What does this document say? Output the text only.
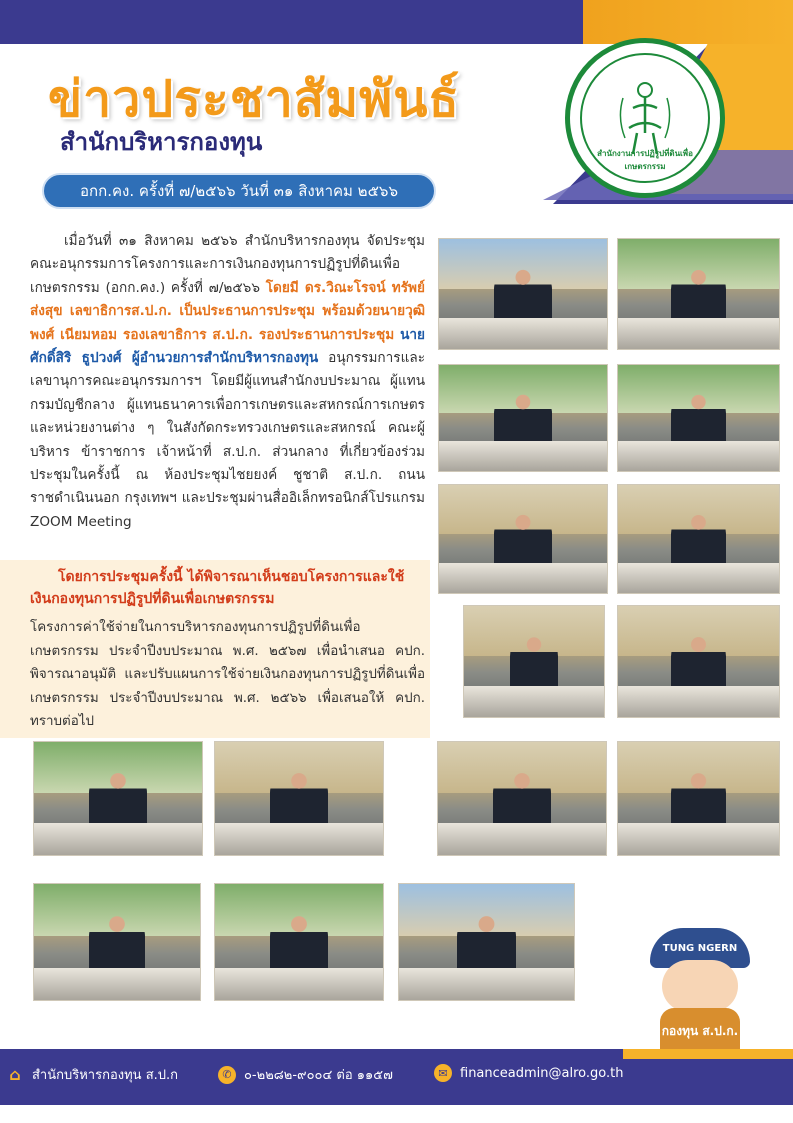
ข่าวประชาสัมพันธ์
สำนักบริหารกองทุน	สำนักงานการปฏิรูปที่ดินเพื่อเกษตรกรรม
อกก.คง. ครั้งที่ ๗/๒๕๖๖ วันที่ ๓๑ สิงหาคม ๒๕๖๖
เมื่อวันที่ ๓๑ สิงหาคม ๒๕๖๖ สำนักบริหารกองทุน จัดประชุมคณะอนุกรรมการโครงการและการเงินกองทุนการปฏิรูปที่ดินเพื่อเกษตรกรรม (อกก.คง.) ครั้งที่ ๗/๒๕๖๖ โดยมี ดร.วิณะโรจน์ ทรัพย์ส่งสุข เลขาธิการส.ป.ก. เป็นประธานการประชุม พร้อมด้วยนายวุฒิพงศ์ เนียมหอม รองเลขาธิการ ส.ป.ก. รองประธานการประชุม นายศักดิ์สิริ ธูปวงศ์ ผู้อำนวยการสำนักบริหารกองทุน อนุกรรมการและเลขานุการคณะอนุกรรมการฯ โดยมีผู้แทนสำนักงบประมาณ ผู้แทนกรมบัญชีกลาง ผู้แทนธนาคารเพื่อการเกษตรและสหกรณ์การเกษตร และหน่วยงานต่าง ๆ ในสังกัดกระทรวงเกษตรและสหกรณ์ คณะผู้บริหาร ข้าราชการ เจ้าหน้าที่ ส.ป.ก. ส่วนกลาง ที่เกี่ยวข้องร่วมประชุมในครั้งนี้ ณ ห้องประชุมไชยยงค์ ชูชาติ ส.ป.ก. ถนนราชดำเนินนอก กรุงเทพฯ และประชุมผ่านสื่ออิเล็กทรอนิกส์โปรแกรม ZOOM Meeting
โดยการประชุมครั้งนี้ ได้พิจารณาเห็นชอบโครงการและใช้เงินกองทุนการปฏิรูปที่ดินเพื่อเกษตรกรรม
โครงการค่าใช้จ่ายในการบริหารกองทุนการปฏิรูปที่ดินเพื่อเกษตรกรรม ประจำปีงบประมาณ พ.ศ. ๒๕๖๗ เพื่อนำเสนอ คปก. พิจารณาอนุมัติ และปรับแผนการใช้จ่ายเงินกองทุนการปฏิรูปที่ดินเพื่อเกษตรกรรม ประจำปีงบประมาณ พ.ศ. ๒๕๖๖ เพื่อเสนอให้ คปก. ทราบต่อไป
TUNG NGERN
กองทุน ส.ป.ก.
⌂ สำนักบริหารกองทุน ส.ป.ก	✆ ๐-๒๒๘๒-๙๐๐๔ ต่อ ๑๑๕๗	✉ financeadmin@alro.go.th
